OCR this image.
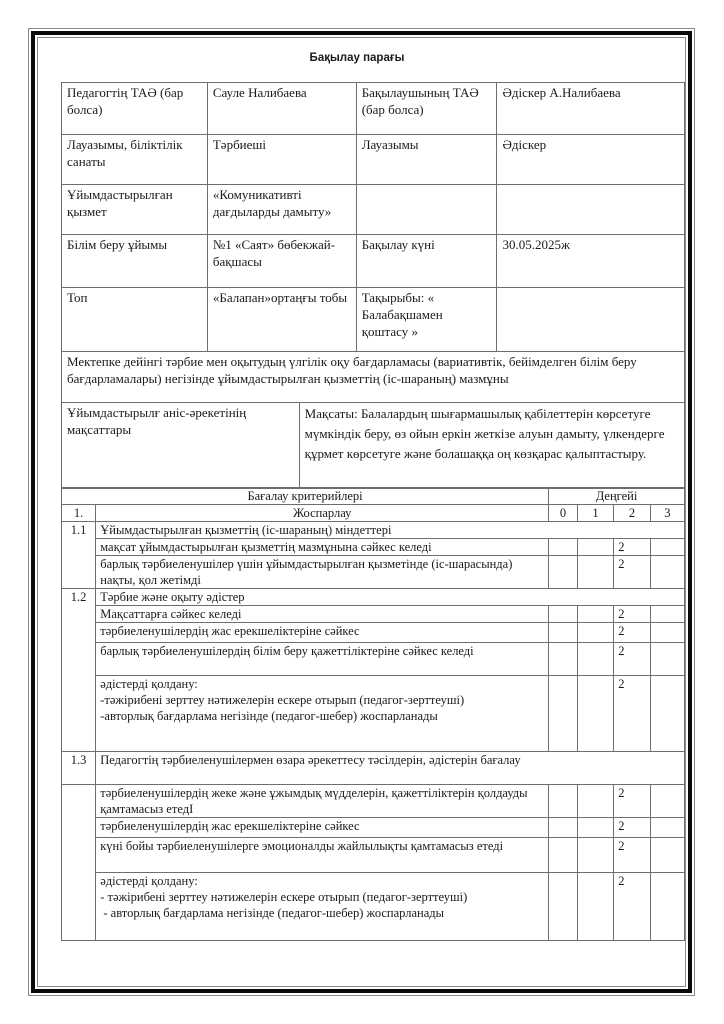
Бақылау парағы
Педагогтің ТАӘ (бар болса)	Сауле Налибаева	Бақылаушының ТАӘ (бар болса)	Әдіскер А.Налибаева
Лауазымы, біліктілік санаты	Тәрбиеші	Лауазымы	Әдіскер
Ұйымдастырылған қызмет	«Комуникативті дағдыларды дамыту»		
Білім беру ұйымы	№1 «Саят» бөбекжай-бақшасы	Бақылау күні	30.05.2025ж
Топ	«Балапан»ортаңғы тобы	Тақырыбы: « Балабақшамен қоштасу »	
Мектепке дейінгі тәрбие мен оқытудың үлгілік оқу бағдарламасы (вариативтік, бейімделген білім беру бағдарламалары) негізінде ұйымдастырылған қызметтің (іс-шараның) мазмұны			
Ұйымдастырылғ аніс-әрекетінің мақсаттары	Мақсаты: Балалардың шығармашылық қабілеттерін көрсетуге мүмкіндік беру, өз ойын еркін жеткізе алуын дамыту, үлкендерге құрмет көрсетуге және болашаққа оң көзқарас қалыптастыру.
Бағалау критерийлері		Деңгейі			
1.	Жоспарлау	0	1	2	3
1.1	Ұйымдастырылған қызметтің (іс-шараның) міндеттері				
	мақсат ұйымдастырылған қызметтің мазмұнына сәйкес келеді			2	
	барлық тәрбиеленушілер үшін ұйымдастырылған қызметінде (іс-шарасында) нақты, қол жетімді			2	
1.2	Тәрбие және оқыту әдістер				
	Мақсаттарға сәйкес келеді			2	
	тәрбиеленушілердің жас ерекшеліктеріне сәйкес			2	
	барлық тәрбиеленушілердің білім беру қажеттіліктеріне сәйкес келеді			2	

	әдістерді қолдану:
-тәжірибені зерттеу нәтижелерін ескере отырып (педагог-зерттеуші)
-авторлық бағдарлама негізінде (педагог-шебер) жоспарланады			2	
1.3	Педагогтің тәрбиеленушілермен өзара әрекеттесу тәсілдерін, әдістерін бағалау				
	тәрбиеленушілердің жеке және ұжымдық мүдделерін, қажеттіліктерін қолдауды қамтамасыз етедІ			2	
	тәрбиеленушілердің жас ерекшеліктеріне сәйкес			2	
	күні бойы тәрбиеленушілерге эмоционалды жайлылықты қамтамасыз етеді			2	

	әдістерді қолдану:
- тәжірибені зерттеу нәтижелерін ескере отырып (педагог-зерттеуші)
- авторлық бағдарлама негізінде (педагог-шебер) жоспарланады			2	
